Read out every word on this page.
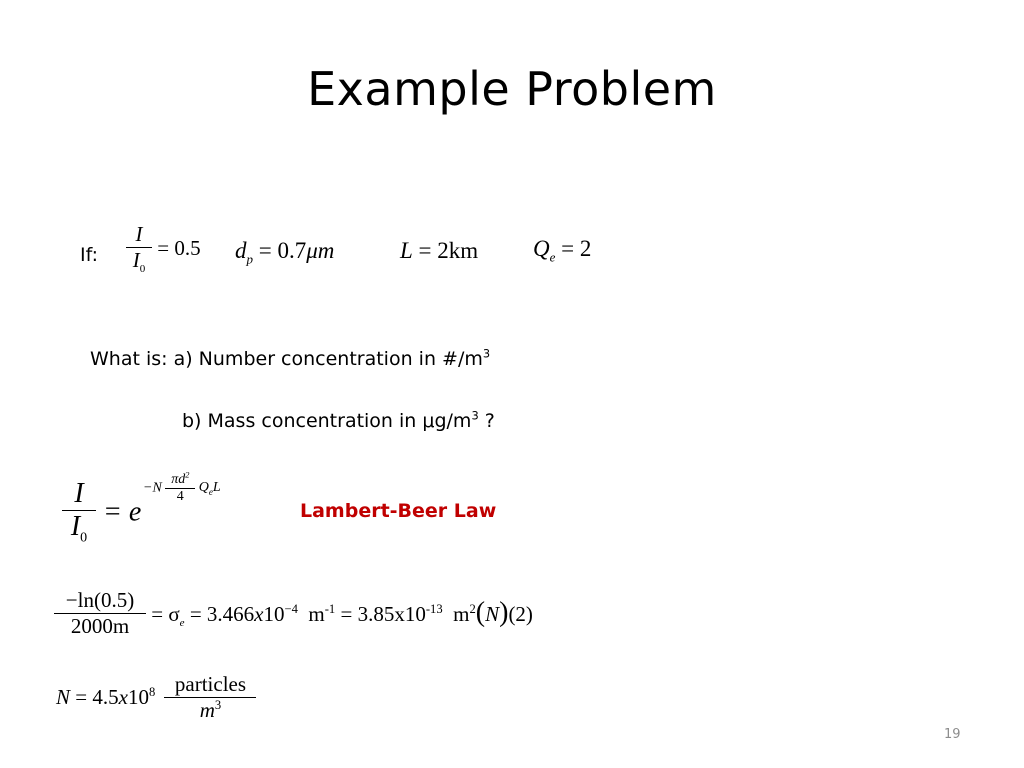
Example Problem
If: $\frac{I}{I_0} = 0.5$ $d_p = 0.7\mu m$	L = 2km $Q_e = 2$
What is: a) Number concentration in $\#/m^3$
b) Mass concentration in $\mu g/m^3$ ?
$\frac{I}{I_0} = e$
$-N \frac{\pi d^2}{4} Q_eL$
Lambert-Beer Law
$\frac{-\ln(0.5)}{2000m} = \sigma_e = 3.466x10^{-4}$ $m^{-1} = 3.85x10^{-13}$ $m^2(N)(2)$
$N = 4.5x10^8 \frac{\text{particles}}{m^3}$
19
